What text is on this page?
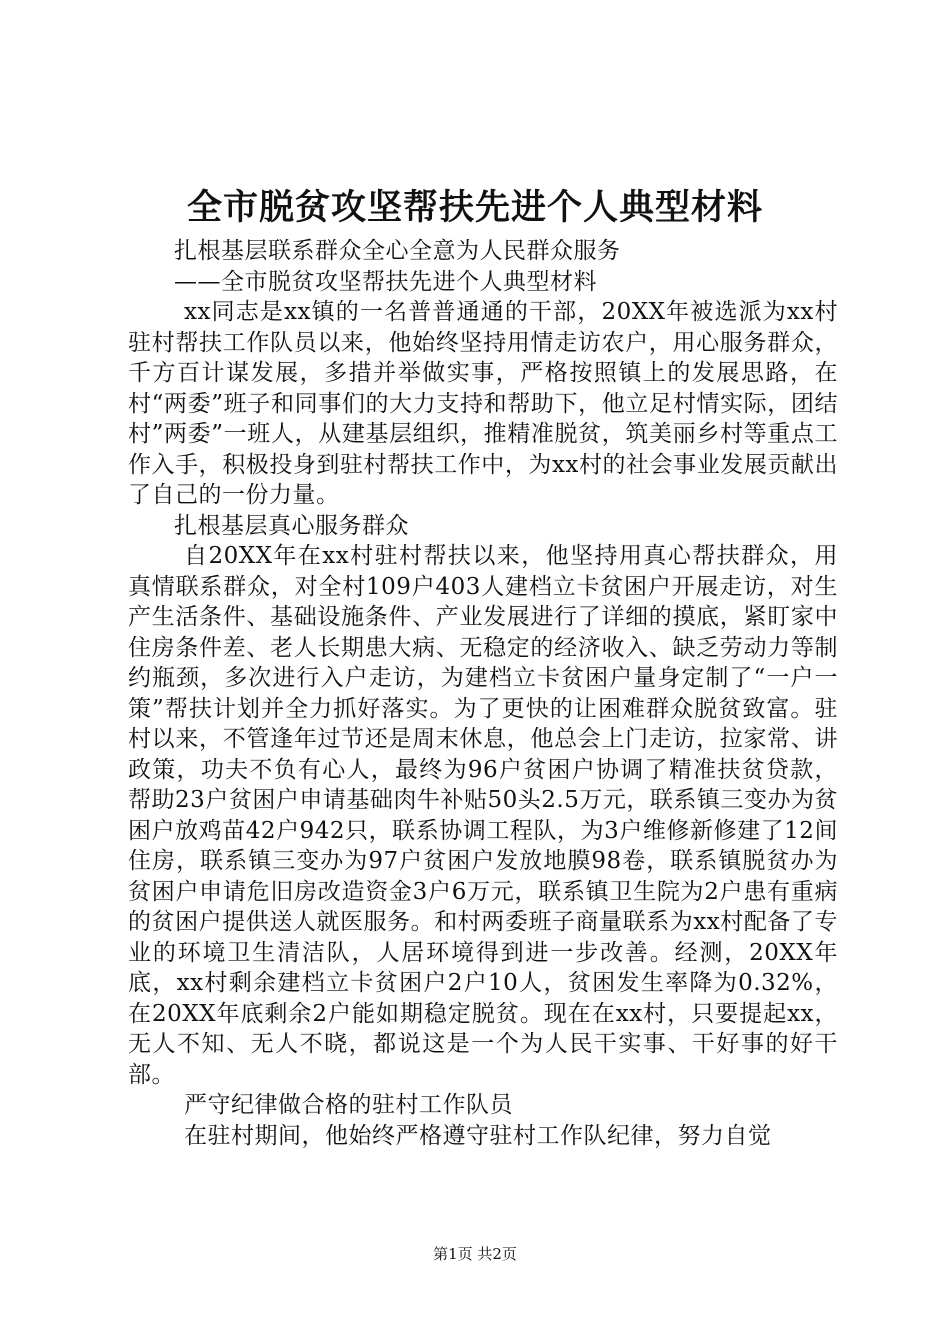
全市脱贫攻坚帮扶先进个人典型材料

扎根基层联系群众全心全意为人民群众服务

——全市脱贫攻坚帮扶先进个人典型材料

xx同志是xx镇的一名普普通通的干部，20XX年被选派为xx村驻村帮扶工作队员以来，他始终坚持用情走访农户，用心服务群众，千方百计谋发展，多措并举做实事，严格按照镇上的发展思路，在村“两委”班子和同事们的大力支持和帮助下，他立足村情实际，团结村”两委”一班人，从建基层组织，推精准脱贫，筑美丽乡村等重点工作入手，积极投身到驻村帮扶工作中，为xx村的社会事业发展贡献出了自己的一份力量。

扎根基层真心服务群众

自20XX年在xx村驻村帮扶以来，他坚持用真心帮扶群众，用真情联系群众，对全村109户403人建档立卡贫困户开展走访，对生产生活条件、基础设施条件、产业发展进行了详细的摸底，紧盯家中住房条件差、老人长期患大病、无稳定的经济收入、缺乏劳动力等制约瓶颈，多次进行入户走访，为建档立卡贫困户量身定制了“一户一策”帮扶计划并全力抓好落实。为了更快的让困难群众脱贫致富。驻村以来，不管逢年过节还是周末休息，他总会上门走访，拉家常、讲政策，功夫不负有心人，最终为96户贫困户协调了精准扶贫贷款，帮助23户贫困户申请基础肉牛补贴50头2.5万元，联系镇三变办为贫困户放鸡苗42户942只，联系协调工程队，为3户维修新修建了12间住房，联系镇三变办为97户贫困户发放地膜98卷，联系镇脱贫办为贫困户申请危旧房改造资金3户6万元，联系镇卫生院为2户患有重病的贫困户提供送人就医服务。和村两委班子商量联系为xx村配备了专业的环境卫生清洁队，人居环境得到进一步改善。经测，20XX年底，xx村剩余建档立卡贫困户2户10人，贫困发生率降为0.32%，在20XX年底剩余2户能如期稳定脱贫。现在在xx村，只要提起xx，无人不知、无人不晓，都说这是一个为人民干实事、干好事的好干部。

严守纪律做合格的驻村工作队员

在驻村期间，他始终严格遵守驻村工作队纪律，努力自觉

第1页 共2页
